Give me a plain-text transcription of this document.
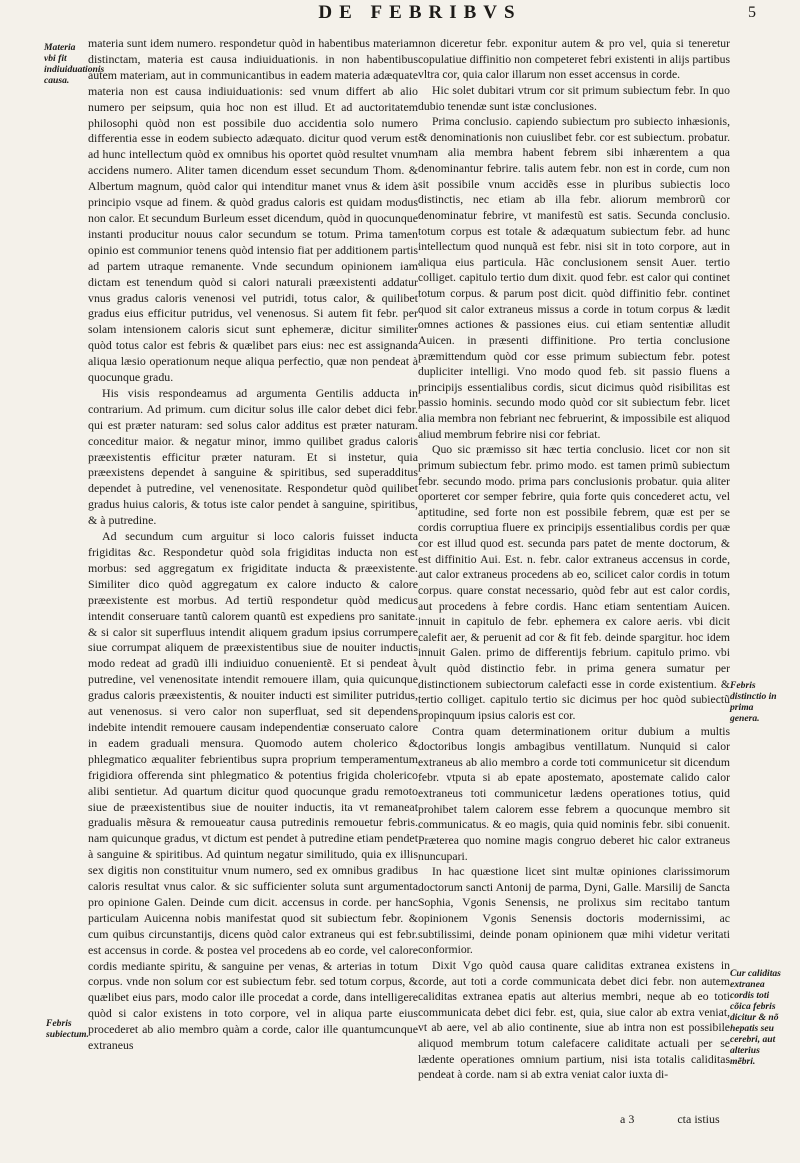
DE FEBRIBVS	5
Materia vbi fit indiuiduationis causa.
Febris subiectum.
Febris distinctio in prima genera.
Cur caliditas extranea cordis toti cõica febris dicitur & nõ hepatis seu cerebri, aut alterius mẽbri.

materia sunt idem numero. respondetur quòd in habentibus materiam distinctam, materia est causa indiuiduationis. in non habentibus autem materiam, aut in communicantibus in eadem materia adæquate materia non est causa indiuiduationis: sed vnum differt ab alio numero per seipsum, quia hoc non est illud. Et ad auctoritatem philosophi quòd non est possibile duo accidentia solo numero differentia esse in eodem subiecto adæquato. dicitur quod verum est ad hunc intellectum quòd ex omnibus his oportet quòd resultet vnum accidens numero. Aliter tamen dicendum esset secundum Thom. & Albertum magnum, quòd calor qui intenditur manet vnus & idem à principio vsque ad finem. & quòd gradus caloris est quidam modus non calor. Et secundum Burleum esset dicendum, quòd in quocunque instanti producitur nouus calor secundum se totum. Prima tamen opinio est communior tenens quòd intensio fiat per additionem partis ad partem utraque remanente. Vnde secundum opinionem iam dictam est tenendum quòd si calori naturali præexistenti addatur vnus gradus caloris venenosi vel putridi, totus calor, & quilibet gradus eius efficitur putridus, vel venenosus. Si autem fit febr. per solam intensionem caloris sicut sunt ephemeræ, dicitur similiter quòd totus calor est febris & quælibet pars eius: nec est assignanda aliqua læsio operationum neque aliqua perfectio, quæ non pendeat à quocunque gradu.

His visis respondeamus ad argumenta Gentilis adducta in contrarium. Ad primum. cum dicitur solus ille calor debet dici febr. qui est præter naturam: sed solus calor additus est præter naturam. conceditur maior. & negatur minor, immo quilibet gradus caloris præexistentis efficitur præter naturam. Et si instetur, quia præexistens dependet à sanguine & spiritibus, sed superadditus dependet à putredine, vel venenositate. Respondetur quòd quilibet gradus huius caloris, & totus iste calor pendet à sanguine, spiritibus, & à putredine.

Ad secundum cum arguitur si loco caloris fuisset inducta frigiditas &c. Respondetur quòd sola frigiditas inducta non est morbus: sed aggregatum ex frigiditate inducta & præexistente. Similiter dico quòd aggregatum ex calore inducto & calore præexistente est morbus. Ad tertiũ respondetur quòd medicus intendit conseruare tantũ calorem quantũ est expediens pro sanitate. & si calor sit superfluus intendit aliquem gradum ipsius corrumpere siue corrumpat aliquem de præexistentibus siue de nouiter inductis modo redeat ad gradũ illi indiuiduo conuenientẽ. Et si pendeat à putredine, vel venenositate intendit remouere illam, quia quicunque gradus caloris præexistentis, & nouiter inducti est similiter putridus, aut venenosus. si vero calor non superfluat, sed sit dependens indebite intendit remouere causam independentiæ conseruato calore in eadem graduali mensura. Quomodo autem cholerico & phlegmatico æqualiter febrientibus supra proprium temperamentum frigidiora offerenda sint phlegmatico & potentius frigida cholerico alibi sentietur. Ad quartum dicitur quod quocunque gradu remoto siue de præexistentibus siue de nouiter inductis, ita vt remaneat gradualis mẽsura & remoueatur causa putredinis remouetur febris. nam quicunque gradus, vt dictum est pendet à putredine etiam pendet à sanguine & spiritibus. Ad quintum negatur similitudo, quia ex illis sex digitis non constituitur vnum numero, sed ex omnibus gradibus caloris resultat vnus calor. & sic sufficienter soluta sunt argumenta pro opinione Galen. Deinde cum dicit. accensus in corde. per hanc particulam Auicenna nobis manifestat quod sit subiectum febr. & cum quibus circunstantijs, dicens quòd calor extraneus qui est febr. est accensus in corde. & postea vel procedens ab eo corde, vel calore cordis mediante spiritu, & sanguine per venas, & arterias in totum corpus. vnde non solum cor est subiectum febr. sed totum corpus, & quælibet eius pars, modo calor ille procedat a corde, dans intelligere quòd si calor existens in toto corpore, vel in aliqua parte eius procederet ab alio membro quàm a corde, calor ille quantumcunque extraneus

non diceretur febr. exponitur autem & pro vel, quia si teneretur copulatiue diffinitio non competeret febri existenti in alijs partibus vltra cor, quia calor illarum non esset accensus in corde.

Hic solet dubitari vtrum cor sit primum subiectum febr. In quo dubio tenendæ sunt istæ conclusiones.

Prima conclusio. capiendo subiectum pro subiecto inhæsionis, & denominationis non cuiuslibet febr. cor est subiectum. probatur. nam alia membra habent febrem sibi inhærentem a qua denominantur febrire. talis autem febr. non est in corde, cum non sit possibile vnum accidẽs esse in pluribus subiectis loco distinctis, nec etiam ab illa febr. aliorum membrorũ cor denominatur febrire, vt manifestũ est satis. Secunda conclusio. totum corpus est totale & adæquatum subiectum febr. ad hunc intellectum quod nunquã est febr. nisi sit in toto corpore, aut in aliqua eius particula. Hãc conclusionem sensit Auer. tertio colliget. capitulo tertio dum dixit. quod febr. est calor qui continet totum corpus. & parum post dicit. quòd diffinitio febr. continet quod sit calor extraneus missus a corde in totum corpus & lædit omnes actiones & passiones eius. cui etiam sententiæ alludit Auicen. in præsenti diffinitione. Pro tertia conclusione præmittendum quòd cor esse primum subiectum febr. potest dupliciter intelligi. Vno modo quod feb. sit passio fluens a principijs essentialibus cordis, sicut dicimus quòd risibilitas est passio hominis. secundo modo quòd cor sit subiectum febr. licet alia membra non febriant nec februerint, & impossibile est aliquod aliud membrum febrire nisi cor febriat.

Quo sic præmisso sit hæc tertia conclusio. licet cor non sit primum subiectum febr. primo modo. est tamen primũ subiectum febr. secundo modo. prima pars conclusionis probatur. quia aliter oporteret cor semper febrire, quia forte quis concederet actu, vel aptitudine, sed forte non est possibile febrem, quæ est per se cordis corruptiua fluere ex principijs essentialibus cordis per quæ cor est illud quod est. secunda pars patet de mente doctorum, & est diffinitio Aui. Est. n. febr. calor extraneus accensus in corde, aut calor extraneus procedens ab eo, scilicet calor cordis in totum corpus. quare constat necessario, quòd febr aut est calor cordis, aut procedens à febre cordis. Hanc etiam sententiam Auicen. innuit in capitulo de febr. ephemera ex calore aeris. vbi dicit calefit aer, & peruenit ad cor & fit feb. deinde spargitur. hoc idem innuit Galen. primo de differentijs febrium. capitulo primo. vbi vult quòd distinctio febr. in prima genera sumatur per distinctionem subiectorum calefacti esse in corde existentium. & tertio colliget. capitulo tertio sic dicimus per hoc quòd subiectũ propinquum ipsius caloris est cor.

Contra quam determinationem oritur dubium a multis doctoribus longis ambagibus ventillatum. Nunquid si calor extraneus ab alio membro a corde toti communicetur sit dicendum febr. vtputa si ab epate apostemato, apostemate calido calor extraneus toti communicetur lædens operationes totius, quid prohibet talem calorem esse febrem a quocunque membro sit communicatus. & eo magis, quia quid nominis febr. sibi conuenit. Præterea quo nomine magis congruo deberet hic calor extraneus nuncupari.

In hac quæstione licet sint multæ opiniones clarissimorum doctorum sancti Antonij de parma, Dyni, Galle. Marsilij de Sancta Sophia, Vgonis Senensis, ne prolixus sim recitabo tantum opinionem Vgonis Senensis doctoris modernissimi, ac subtilissimi, deinde ponam opinionem quæ mihi videtur veritati conformior.

Dixit Vgo quòd causa quare caliditas extranea existens in corde, aut toti a corde communicata debet dici febr. non autem caliditas extranea epatis aut alterius membri, neque ab eo toti communicata debet dici febr. est, quia, siue calor ab extra veniat, vt ab aere, vel ab alio continente, siue ab intra non est possibile aliquod membrum totum calefacere caliditate actuali per se lædente operationes omnium partium, nisi ista totalis caliditas pendeat à corde. nam si ab extra veniat calor iuxta di-

a 3	cta istius
